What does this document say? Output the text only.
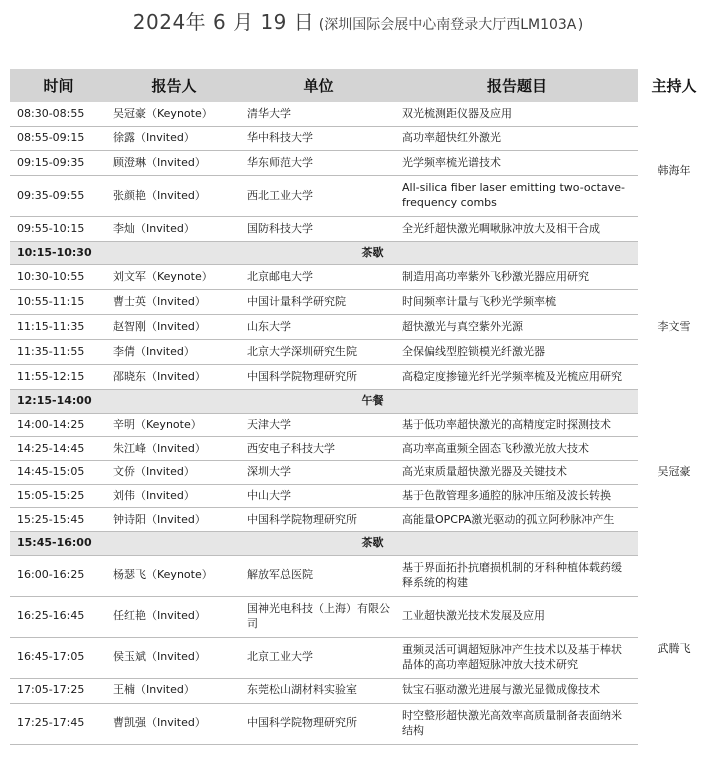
2024年 6 月 19 日 (深圳国际会展中心南登录大厅西LM103A )
时间	报告人	单位	报告题目	主持人
08:30-08:55	吴冠豪（Keynote）	清华大学	双光梳测距仪器及应用	韩海年
08:55-09:15	徐露（Invited）	华中科技大学	高功率超快红外激光	
09:15-09:35	顾澄琳（Invited）	华东师范大学	光学频率梳光谱技术	
09:35-09:55	张颜艳（Invited）	西北工业大学	All-silica fiber laser emitting two-octave-frequency combs	
09:55-10:15	李灿（Invited）	国防科技大学	全光纤超快激光啁啾脉冲放大及相干合成	
10:15-10:30	茶歇			
10:30-10:55	刘文军（Keynote）	北京邮电大学	制造用高功率紫外飞秒激光器应用研究	李文雪
10:55-11:15	曹士英（Invited）	中国计量科学研究院	时间频率计量与飞秒光学频率梳	
11:15-11:35	赵智刚（Invited）	山东大学	超快激光与真空紫外光源	
11:35-11:55	李倩（Invited）	北京大学深圳研究生院	全保偏线型腔锁模光纤激光器	
11:55-12:15	邵晓东（Invited）	中国科学院物理研究所	高稳定度掺镱光纤光学频率梳及光梳应用研究	
12:15-14:00	午餐			
14:00-14:25	辛明（Keynote）	天津大学	基于低功率超快激光的高精度定时探测技术	吴冠豪
14:25-14:45	朱江峰（Invited）	西安电子科技大学	高功率高重频全固态飞秒激光放大技术	
14:45-15:05	文侨（Invited）	深圳大学	高光束质量超快激光器及关键技术	
15:05-15:25	刘伟（Invited）	中山大学	基于色散管理多通腔的脉冲压缩及波长转换	
15:25-15:45	钟诗阳（Invited）	中国科学院物理研究所	高能量OPCPA激光驱动的孤立阿秒脉冲产生	
15:45-16:00	茶歇			
16:00-16:25	杨瑟飞（Keynote）	解放军总医院	基于界面拓扑抗磨损机制的牙科种植体载药缓释系统的构建	武腾飞
16:25-16:45	任红艳（Invited）	国神光电科技（上海）有限公司	工业超快激光技术发展及应用	
16:45-17:05	侯玉斌（Invited）	北京工业大学	重频灵活可调超短脉冲产生技术以及基于棒状晶体的高功率超短脉冲放大技术研究	
17:05-17:25	王楠（Invited）	东莞松山湖材料实验室	钛宝石驱动激光进展与激光显微成像技术	
17:25-17:45	曹凯强（Invited）	中国科学院物理研究所	时空整形超快激光高效率高质量制备表面纳米结构	
